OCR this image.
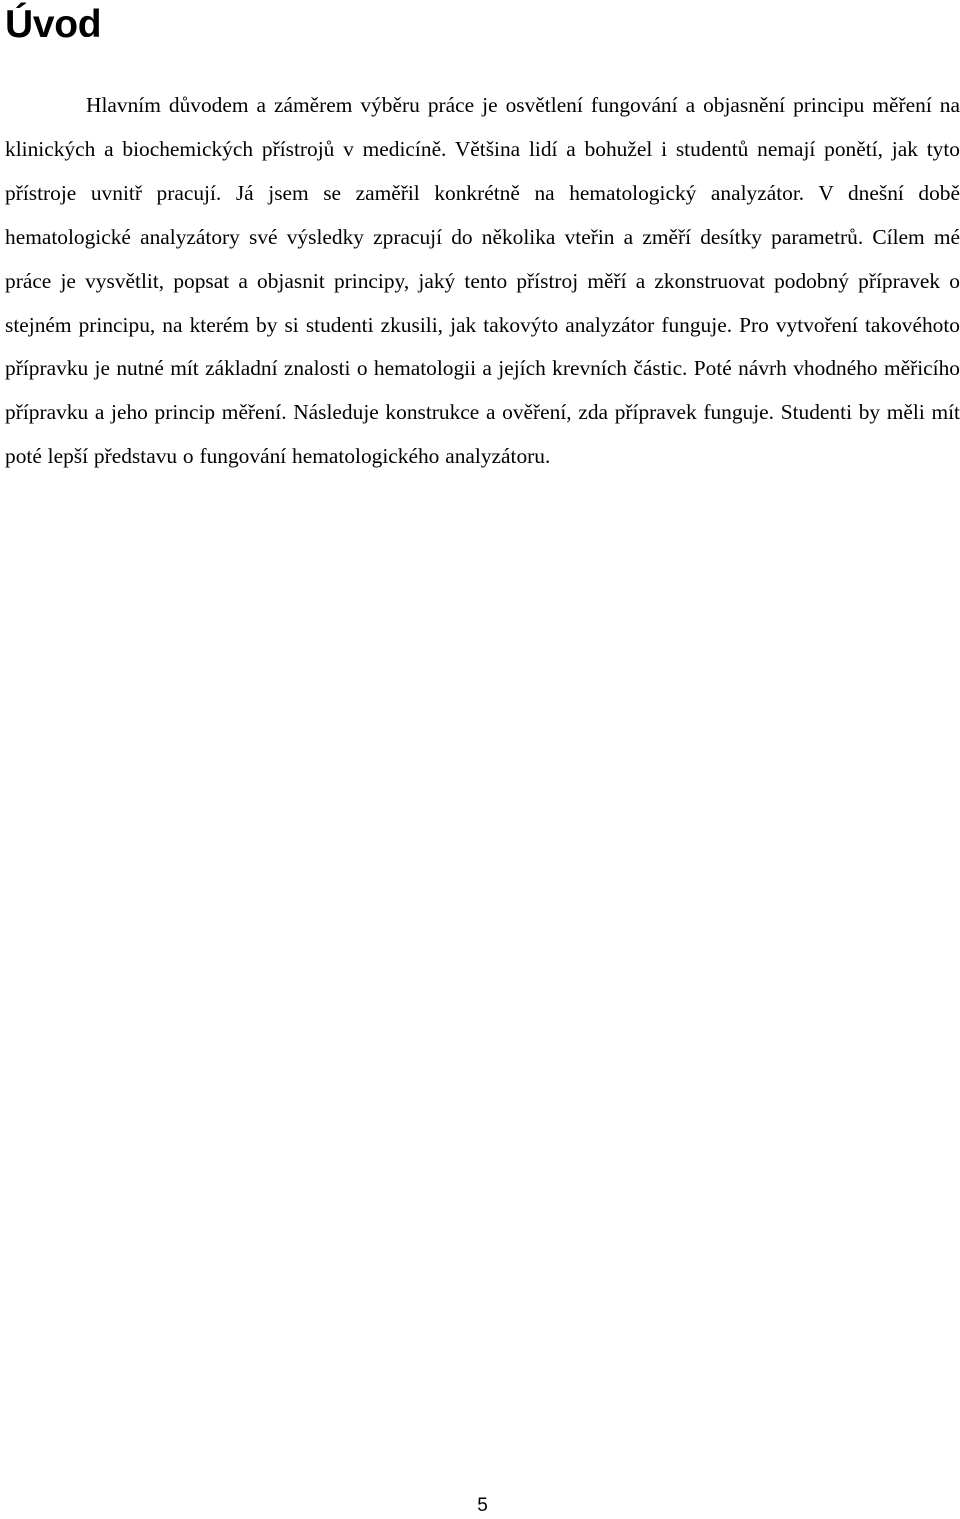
Úvod

Hlavním důvodem a záměrem výběru práce je osvětlení fungování a objasnění principu měření na klinických a biochemických přístrojů v medicíně. Většina lidí a bohužel i studentů nemají ponětí, jak tyto přístroje uvnitř pracují. Já jsem se zaměřil konkrétně na hematologický analyzátor. V dnešní době hematologické analyzátory své výsledky zpracují do několika vteřin a změří desítky parametrů. Cílem mé práce je vysvětlit, popsat a objasnit principy, jaký tento přístroj měří a zkonstruovat podobný přípravek o stejném principu, na kterém by si studenti zkusili, jak takovýto analyzátor funguje. Pro vytvoření takovéhoto přípravku je nutné mít základní znalosti o hematologii a jejích krevních částic. Poté návrh vhodného měřicího přípravku a jeho princip měření. Následuje konstrukce a ověření, zda přípravek funguje. Studenti by měli mít poté lepší představu o fungování hematologického analyzátoru.

5
